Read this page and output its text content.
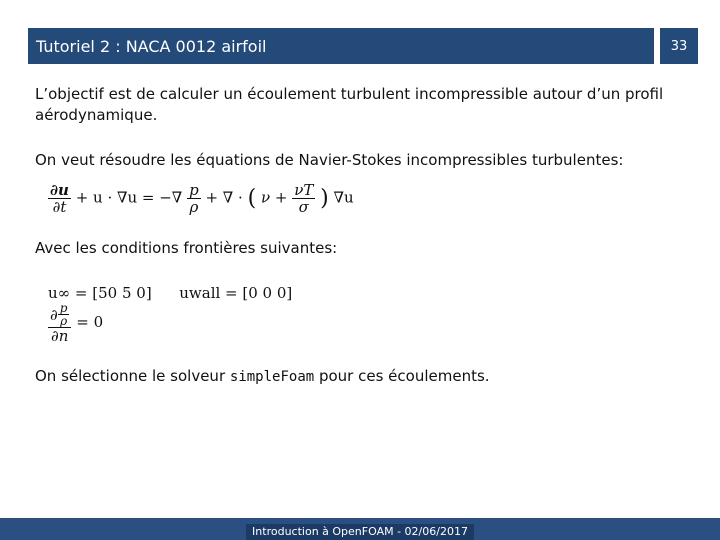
Tutoriel 2 : NACA 0012 airfoil	33
L’objectif est de calculer un écoulement turbulent incompressible autour d’un profil aérodynamique.
On veut résoudre les équations de Navier-Stokes incompressibles turbulentes:
$\frac{\partial u}{\partial t} + u \cdot \nabla u$ = −∇ $\frac{p}{\rho}$ + ∇ · ( $\nu + \frac{\nu T}{\sigma}$ ) ∇u
Avec les conditions frontières suivantes:
u∞ = [50 5 0] uwall = [0 0 0]
$\frac{\partial \frac{p}{\rho}}{\partial n} = 0$
On sélectionne le solveur simpleFoam pour ces écoulements.
Introduction à OpenFOAM - 02/06/2017
